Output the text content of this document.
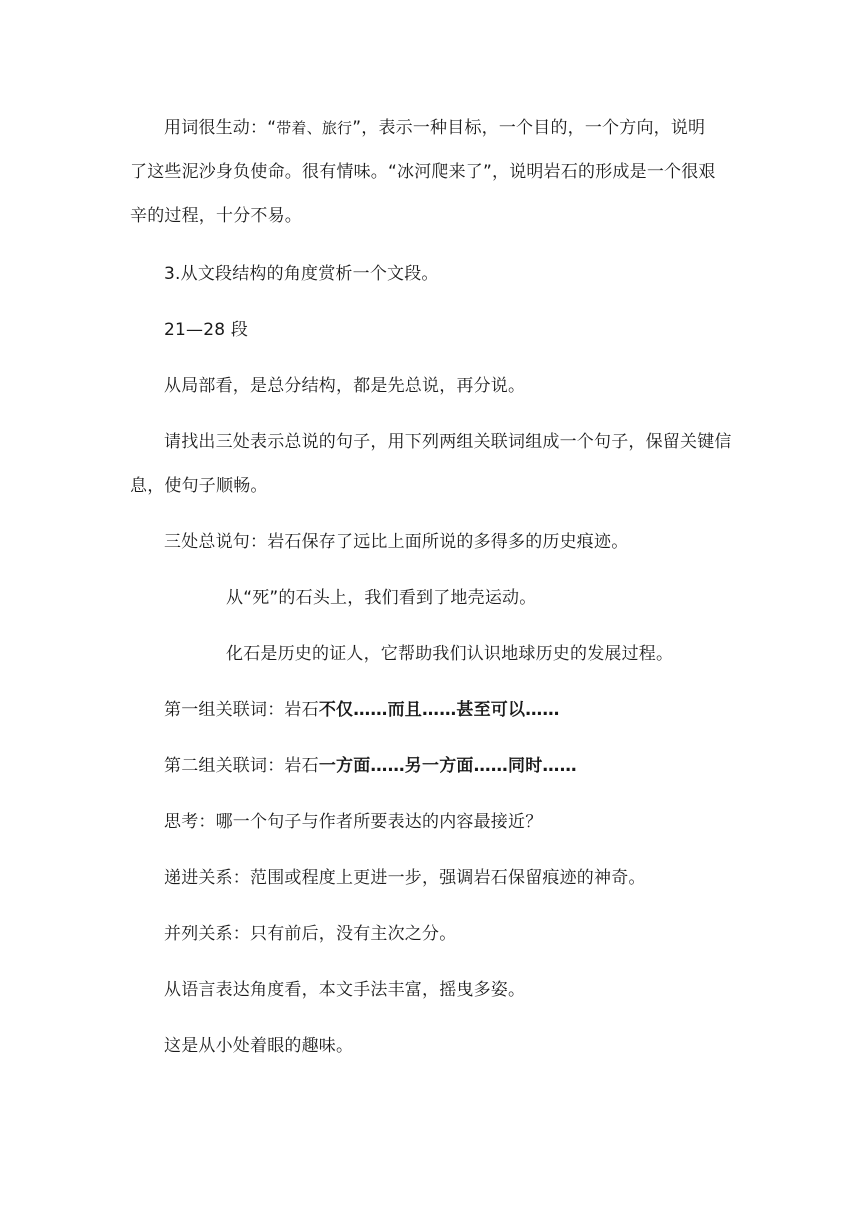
用词很生动：“带着、旅行”，表示一种目标，一个目的，一个方向，说明
了这些泥沙身负使命。很有情味。“冰河爬来了”，说明岩石的形成是一个很艰
辛的过程，十分不易。
3.从文段结构的角度赏析一个文段。
21—28 段
从局部看，是总分结构，都是先总说，再分说。
请找出三处表示总说的句子，用下列两组关联词组成一个句子，保留关键信
息，使句子顺畅。
三处总说句：岩石保存了远比上面所说的多得多的历史痕迹。
从“死”的石头上，我们看到了地壳运动。
化石是历史的证人，它帮助我们认识地球历史的发展过程。
第一组关联词：岩石不仅……而且……甚至可以……
第二组关联词：岩石一方面……另一方面……同时……
思考：哪一个句子与作者所要表达的内容最接近？
递进关系：范围或程度上更进一步，强调岩石保留痕迹的神奇。
并列关系：只有前后，没有主次之分。
从语言表达角度看，本文手法丰富，摇曳多姿。
这是从小处着眼的趣味。
